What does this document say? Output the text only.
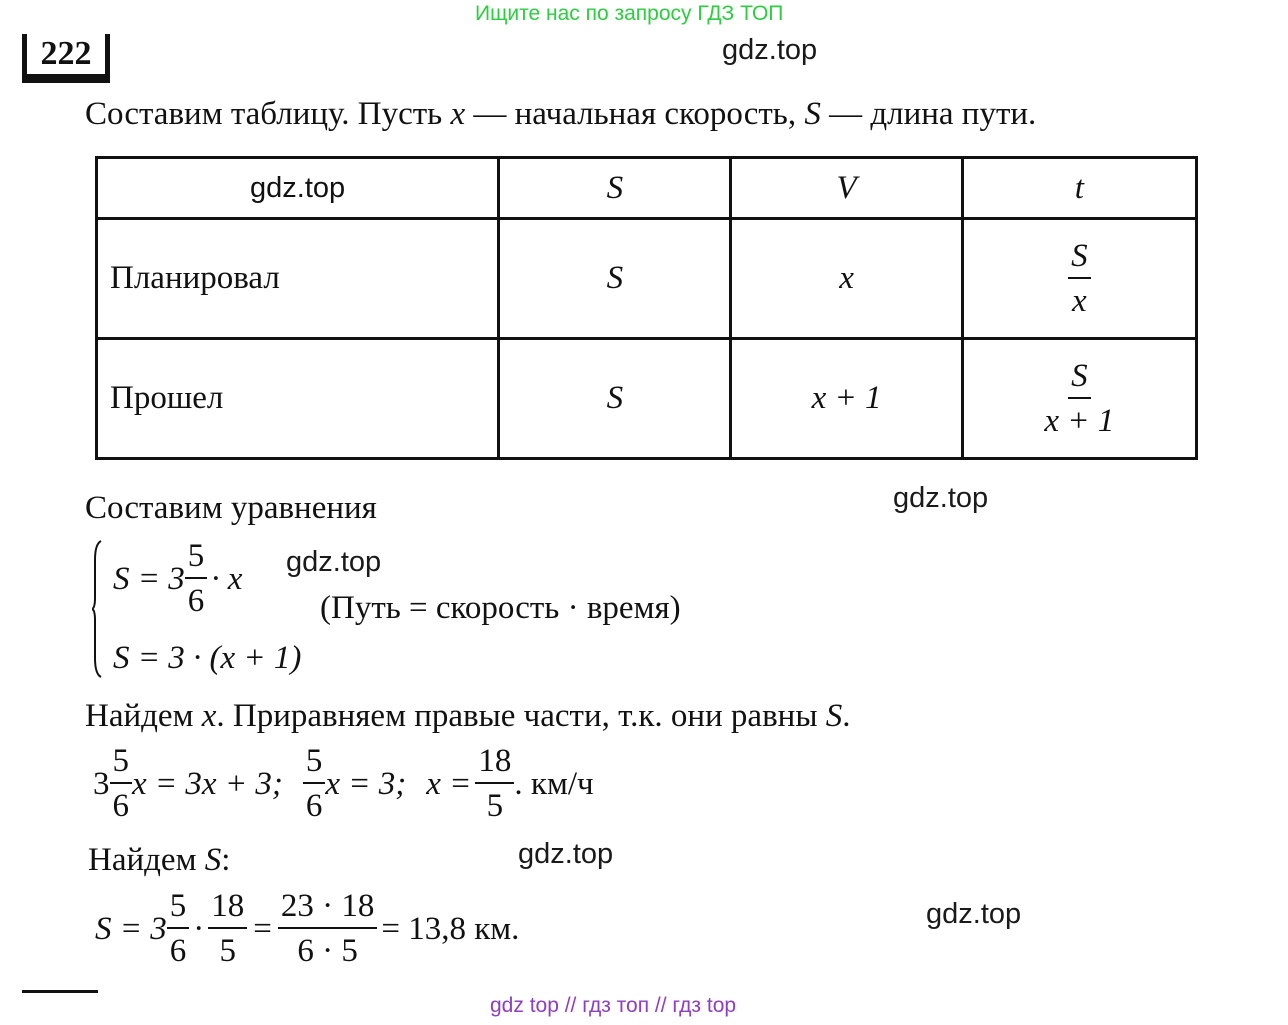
Ищите нас по запросу ГДЗ ТОП
222	gdz.top
Составим таблицу. Пусть x — начальная скорость, S — длина пути.
gdz.top	S	V	t
Планировал	S	x	$\frac{S}{x}$

Прошел	S	x + 1	$\frac{S}{x + 1}$
Составим уравнения	gdz.top
$S = 3 \frac{5}{6} \cdot x$ gdz.top
(Путь = скорость · время)
S = 3 · (x + 1)
Найдем x. Приравняем правые части, т.к. они равны S.
$3 \frac{5}{6}$ x = 3x + 3; $\frac{5}{6}$ x = 3; $x = \frac{18}{5}$ . км/ч
Найдем S:	gdz.top
$S = 3 \frac{5}{6} \cdot \frac{18}{5} = \frac{23 \cdot 18}{6 \cdot 5} = 13,8$ км.	gdz.top
gdz top // гдз топ // гдз top
